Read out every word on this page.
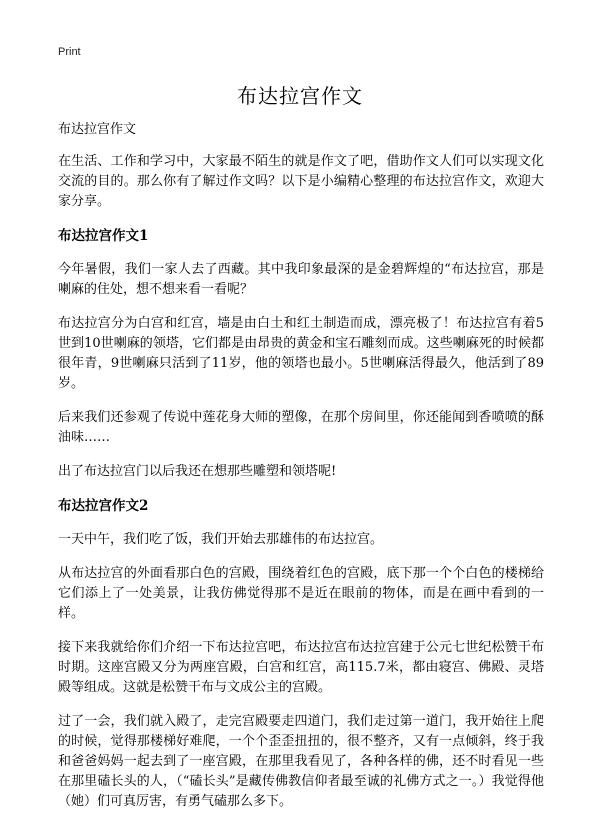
Print
布达拉宫作文

布达拉宫作文

在生活、工作和学习中，大家最不陌生的就是作文了吧，借助作文人们可以实现文化交流的目的。那么你有了解过作文吗？以下是小编精心整理的布达拉宫作文，欢迎大家分享。

布达拉宫作文1

今年暑假，我们一家人去了西藏。其中我印象最深的是金碧辉煌的“布达拉宫，那是喇麻的住处，想不想来看一看呢？

布达拉宫分为白宫和红宫，墙是由白土和红土制造而成，漂亮极了！布达拉宫有着5世到10世喇麻的领塔，它们都是由昂贵的黄金和宝石雕刻而成。这些喇麻死的时候都很年青，9世喇麻只活到了11岁，他的领塔也最小。5世喇麻活得最久，他活到了89岁。

后来我们还参观了传说中莲花身大师的塑像，在那个房间里，你还能闻到香喷喷的酥油味……

出了布达拉宫门以后我还在想那些雕塑和领塔呢!

布达拉宫作文2

一天中午，我们吃了饭，我们开始去那雄伟的布达拉宫。

从布达拉宫的外面看那白色的宫殿，围绕着红色的宫殿，底下那一个个白色的楼梯给它们添上了一处美景，让我仿佛觉得那不是近在眼前的物体，而是在画中看到的一样。

接下来我就给你们介绍一下布达拉宫吧，布达拉宫布达拉宫建于公元七世纪松赞干布时期。这座宫殿又分为两座宫殿，白宫和红宫，高115.7米，都由寝宫、佛殿、灵塔殿等组成。这就是松赞干布与文成公主的宫殿。

过了一会，我们就入殿了，走完宫殿要走四道门，我们走过第一道门，我开始往上爬的时候，觉得那楼梯好难爬，一个个歪歪扭扭的，很不整齐，又有一点倾斜，终于我和爸爸妈妈一起去到了一座宫殿，在那里我看见了，各种各样的佛，还不时看见一些在那里磕长头的人，（“磕长头”是藏传佛教信仰者最至诚的礼佛方式之一。）我觉得他（她）们可真厉害，有勇气磕那么多下。
